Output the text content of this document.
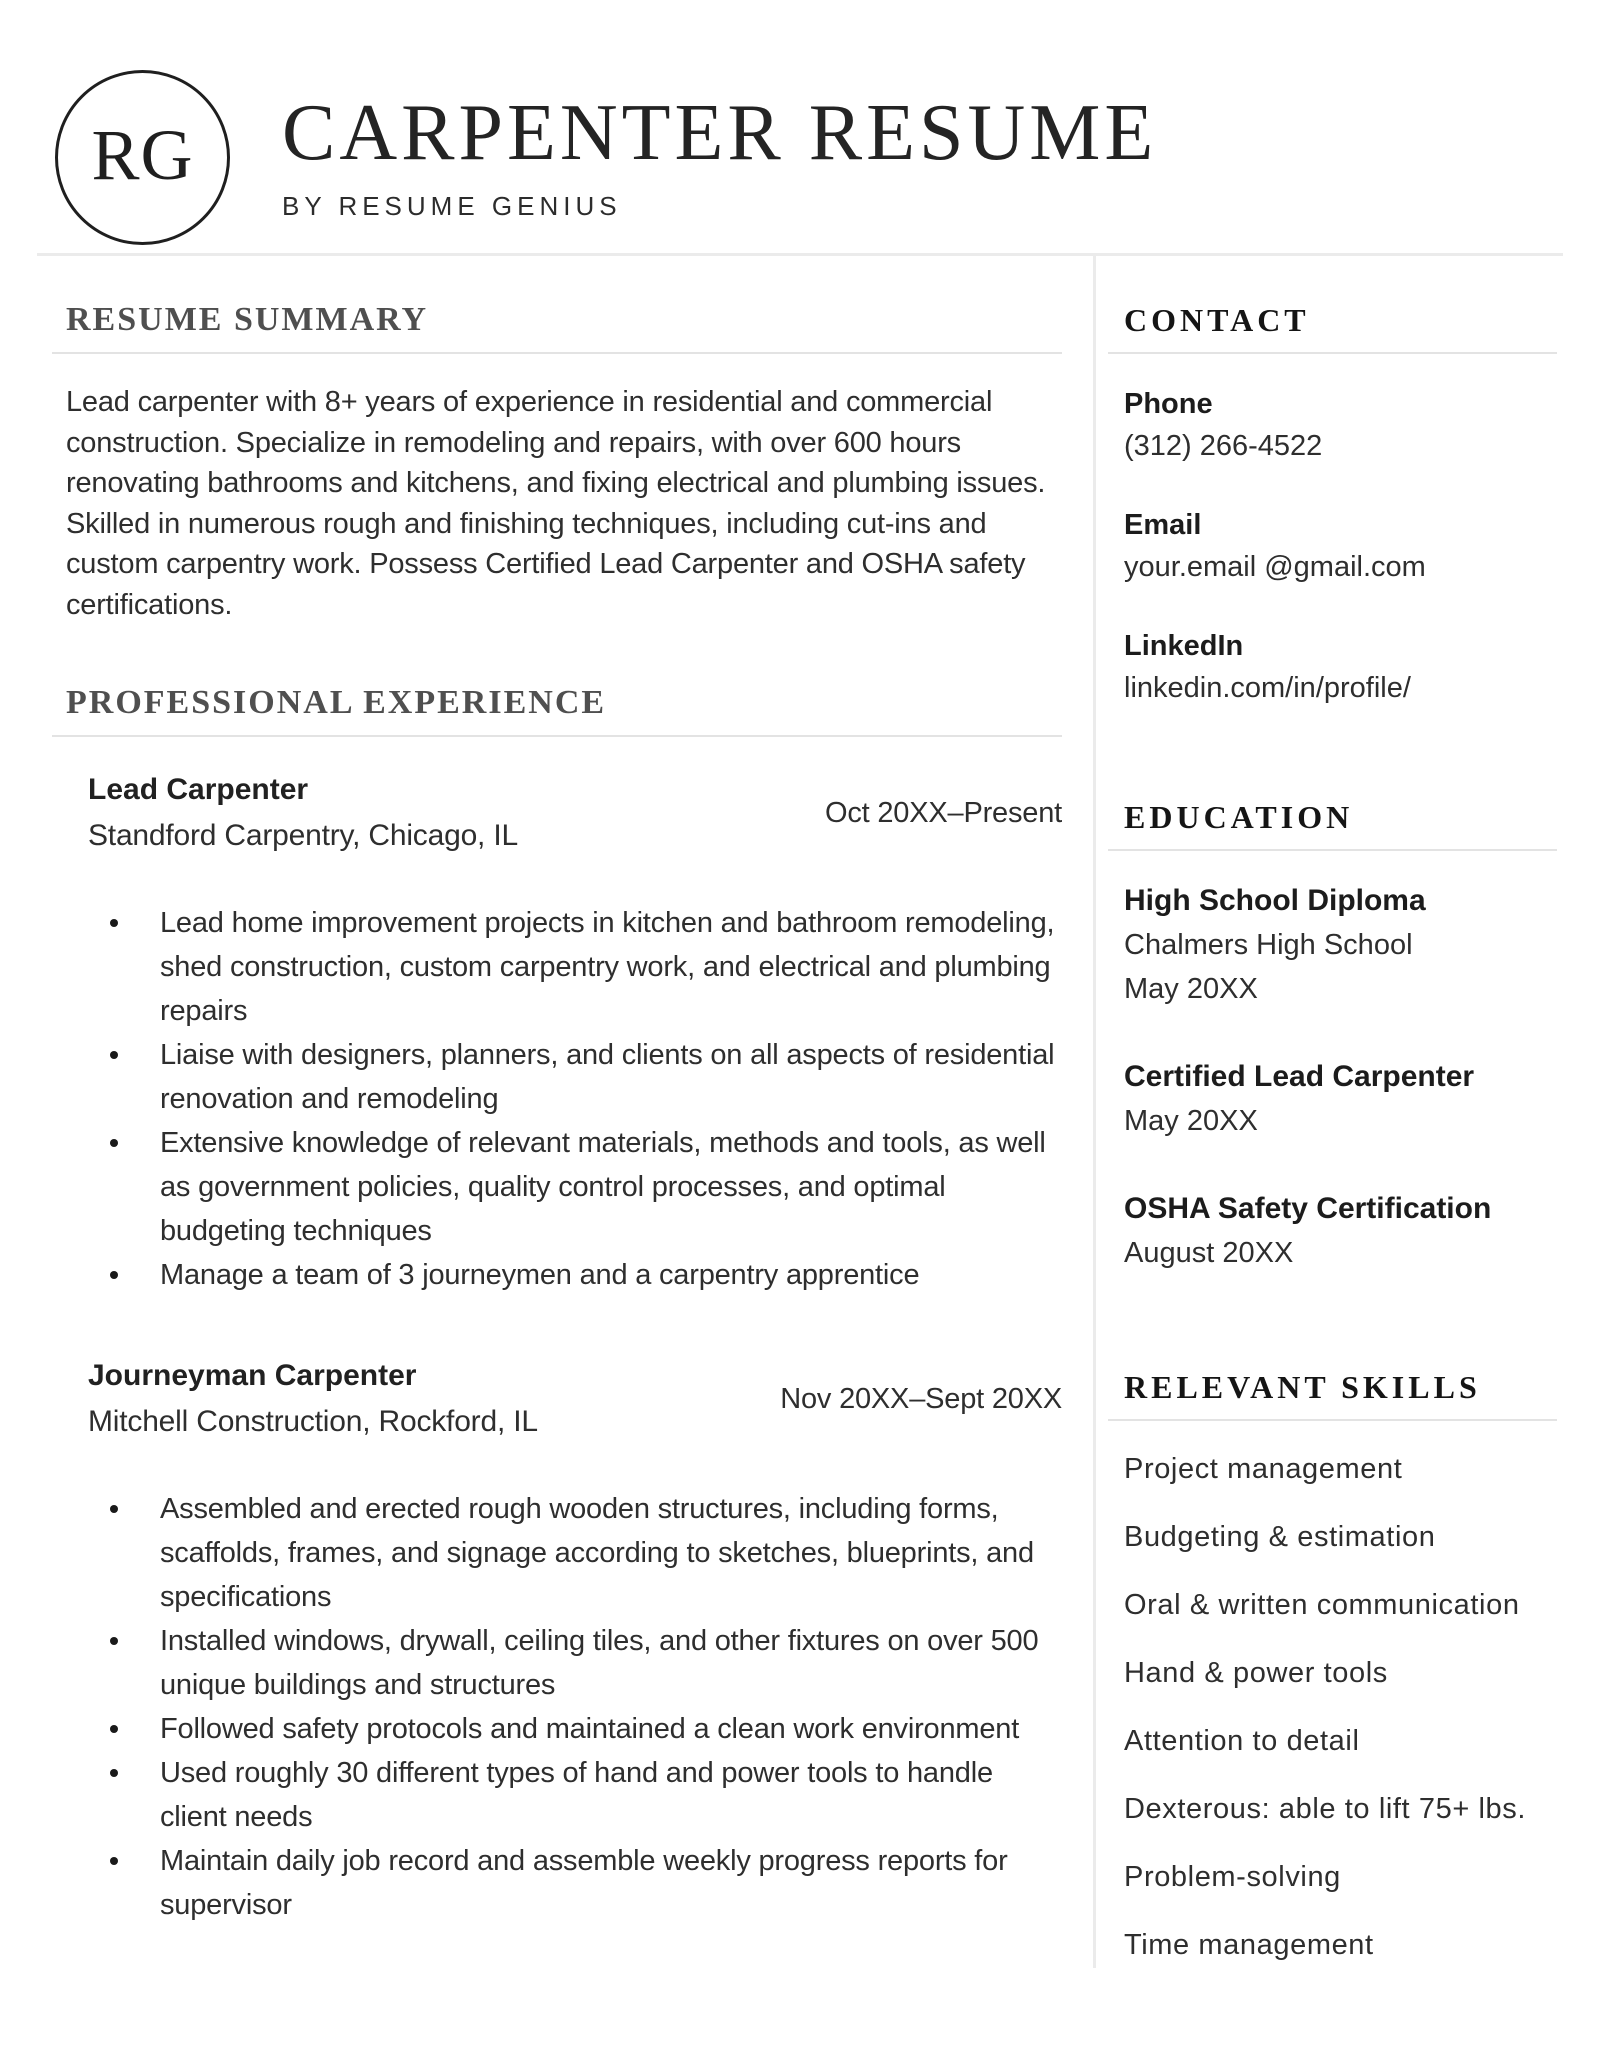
RG CARPENTER RESUME
BY RESUME GENIUS
RESUME SUMMARY

Lead carpenter with 8+ years of experience in residential and commercial construction. Specialize in remodeling and repairs, with over 600 hours renovating bathrooms and kitchens, and fixing electrical and plumbing issues. Skilled in numerous rough and finishing techniques, including cut-ins and custom carpentry work. Possess Certified Lead Carpenter and OSHA safety certifications.

PROFESSIONAL EXPERIENCE
Lead Carpenter
Standford Carpentry, Chicago, IL
Oct 20XX–Present
Lead home improvement projects in kitchen and bathroom remodeling, shed construction, custom carpentry work, and electrical and plumbing repairs
Liaise with designers, planners, and clients on all aspects of residential renovation and remodeling
Extensive knowledge of relevant materials, methods and tools, as well as government policies, quality control processes, and optimal budgeting techniques
Manage a team of 3 journeymen and a carpentry apprentice
Journeyman Carpenter
Mitchell Construction, Rockford, IL
Nov 20XX–Sept 20XX
Assembled and erected rough wooden structures, including forms, scaffolds, frames, and signage according to sketches, blueprints, and specifications
Installed windows, drywall, ceiling tiles, and other fixtures on over 500 unique buildings and structures
Followed safety protocols and maintained a clean work environment
Used roughly 30 different types of hand and power tools to handle client needs
Maintain daily job record and assemble weekly progress reports for supervisor
CONTACT
Phone
(312) 266-4522
Email
your.email @gmail.com
LinkedIn
linkedin.com/in/profile/
EDUCATION
High School Diploma
Chalmers High School
May 20XX
Certified Lead Carpenter
May 20XX
OSHA Safety Certification
August 20XX
RELEVANT SKILLS
Project management
Budgeting & estimation
Oral & written communication
Hand & power tools
Attention to detail
Dexterous: able to lift 75+ lbs.
Problem-solving
Time management
